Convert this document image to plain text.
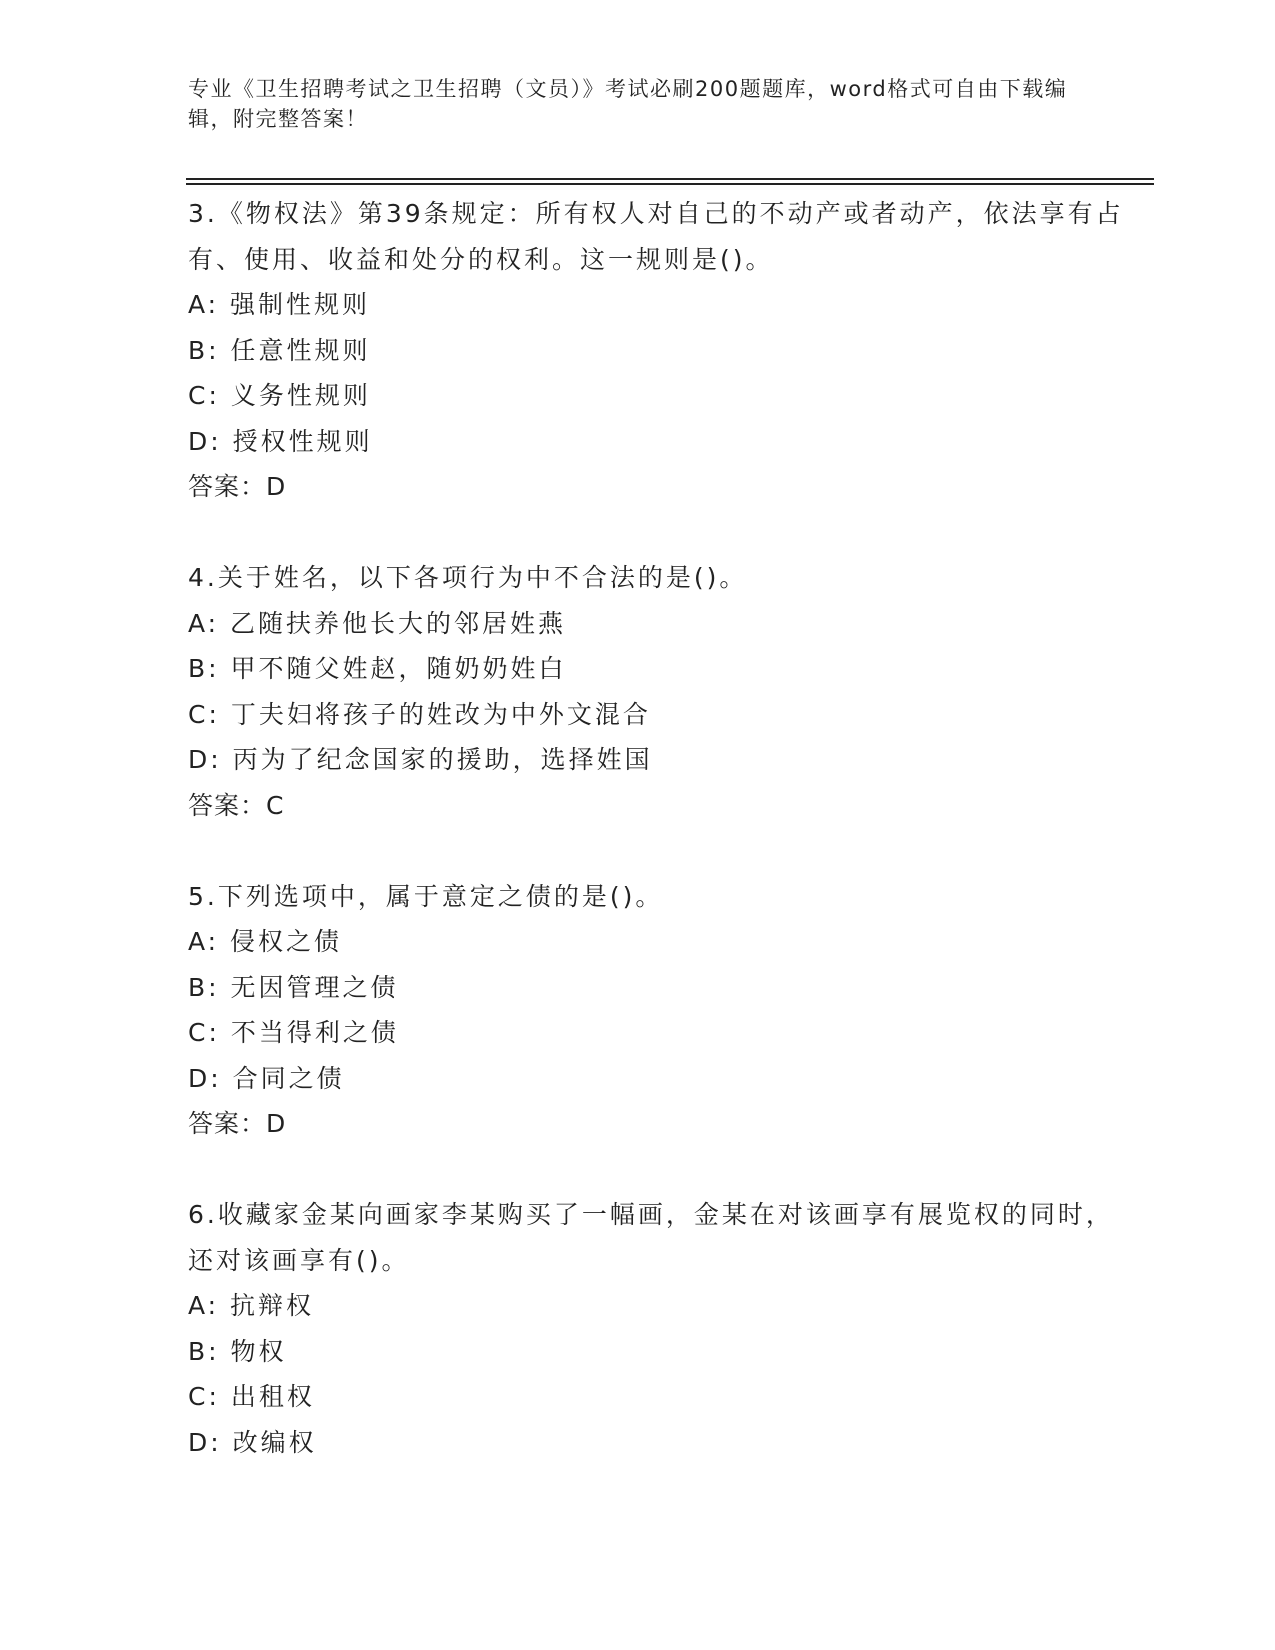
专业《卫生招聘考试之卫生招聘（文员）》考试必刷200题题库，word格式可自由下载编辑，附完整答案！

3.《物权法》第39条规定：所有权人对自己的不动产或者动产，依法享有占有、使用、收益和处分的权利。这一规则是()。

A: 强制性规则

B: 任意性规则

C: 义务性规则

D: 授权性规则

答案：D

4.关于姓名，以下各项行为中不合法的是()。

A: 乙随扶养他长大的邻居姓燕

B: 甲不随父姓赵，随奶奶姓白

C: 丁夫妇将孩子的姓改为中外文混合

D: 丙为了纪念国家的援助，选择姓国

答案：C

5.下列选项中，属于意定之债的是()。

A: 侵权之债

B: 无因管理之债

C: 不当得利之债

D: 合同之债

答案：D

6.收藏家金某向画家李某购买了一幅画，金某在对该画享有展览权的同时，还对该画享有()。

A: 抗辩权

B: 物权

C: 出租权

D: 改编权
